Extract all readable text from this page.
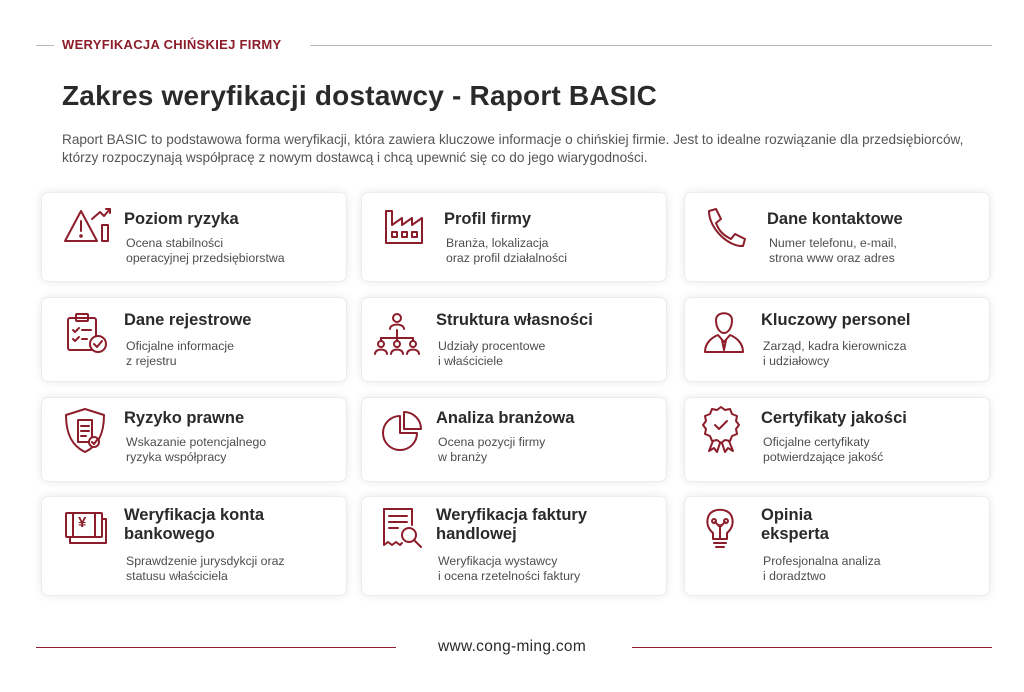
WERYFIKACJA CHIŃSKIEJ FIRMY
Zakres weryfikacji dostawcy - Raport BASIC
Raport BASIC to podstawowa forma weryfikacji, która zawiera kluczowe informacje o chińskiej firmie. Jest to idealne rozwiązanie dla przedsiębiorców, którzy rozpoczynają współpracę z nowym dostawcą i chcą upewnić się co do jego wiarygodności.
Poziom ryzyka
Ocena stabilności
operacyjnej przedsiębiorstwa
Profil firmy
Branża, lokalizacja
oraz profil działalności
Dane kontaktowe
Numer telefonu, e-mail,
strona www oraz adres
Dane rejestrowe
Oficjalne informacje
z rejestru
Struktura własności
Udziały procentowe
i właściciele
Kluczowy personel
Zarząd, kadra kierownicza
i udziałowcy
Ryzyko prawne
Wskazanie potencjalnego
ryzyka współpracy
Analiza branżowa
Ocena pozycji firmy
w branży
Certyfikaty jakości
Oficjalne certyfikaty
potwierdzające jakość
¥ Weryfikacja konta
bankowego
Sprawdzenie jurysdykcji oraz
statusu właściciela
Weryfikacja faktury
handlowej
Weryfikacja wystawcy
i ocena rzetelności faktury
Opinia
eksperta
Profesjonalna analiza
i doradztwo
www.cong-ming.com
